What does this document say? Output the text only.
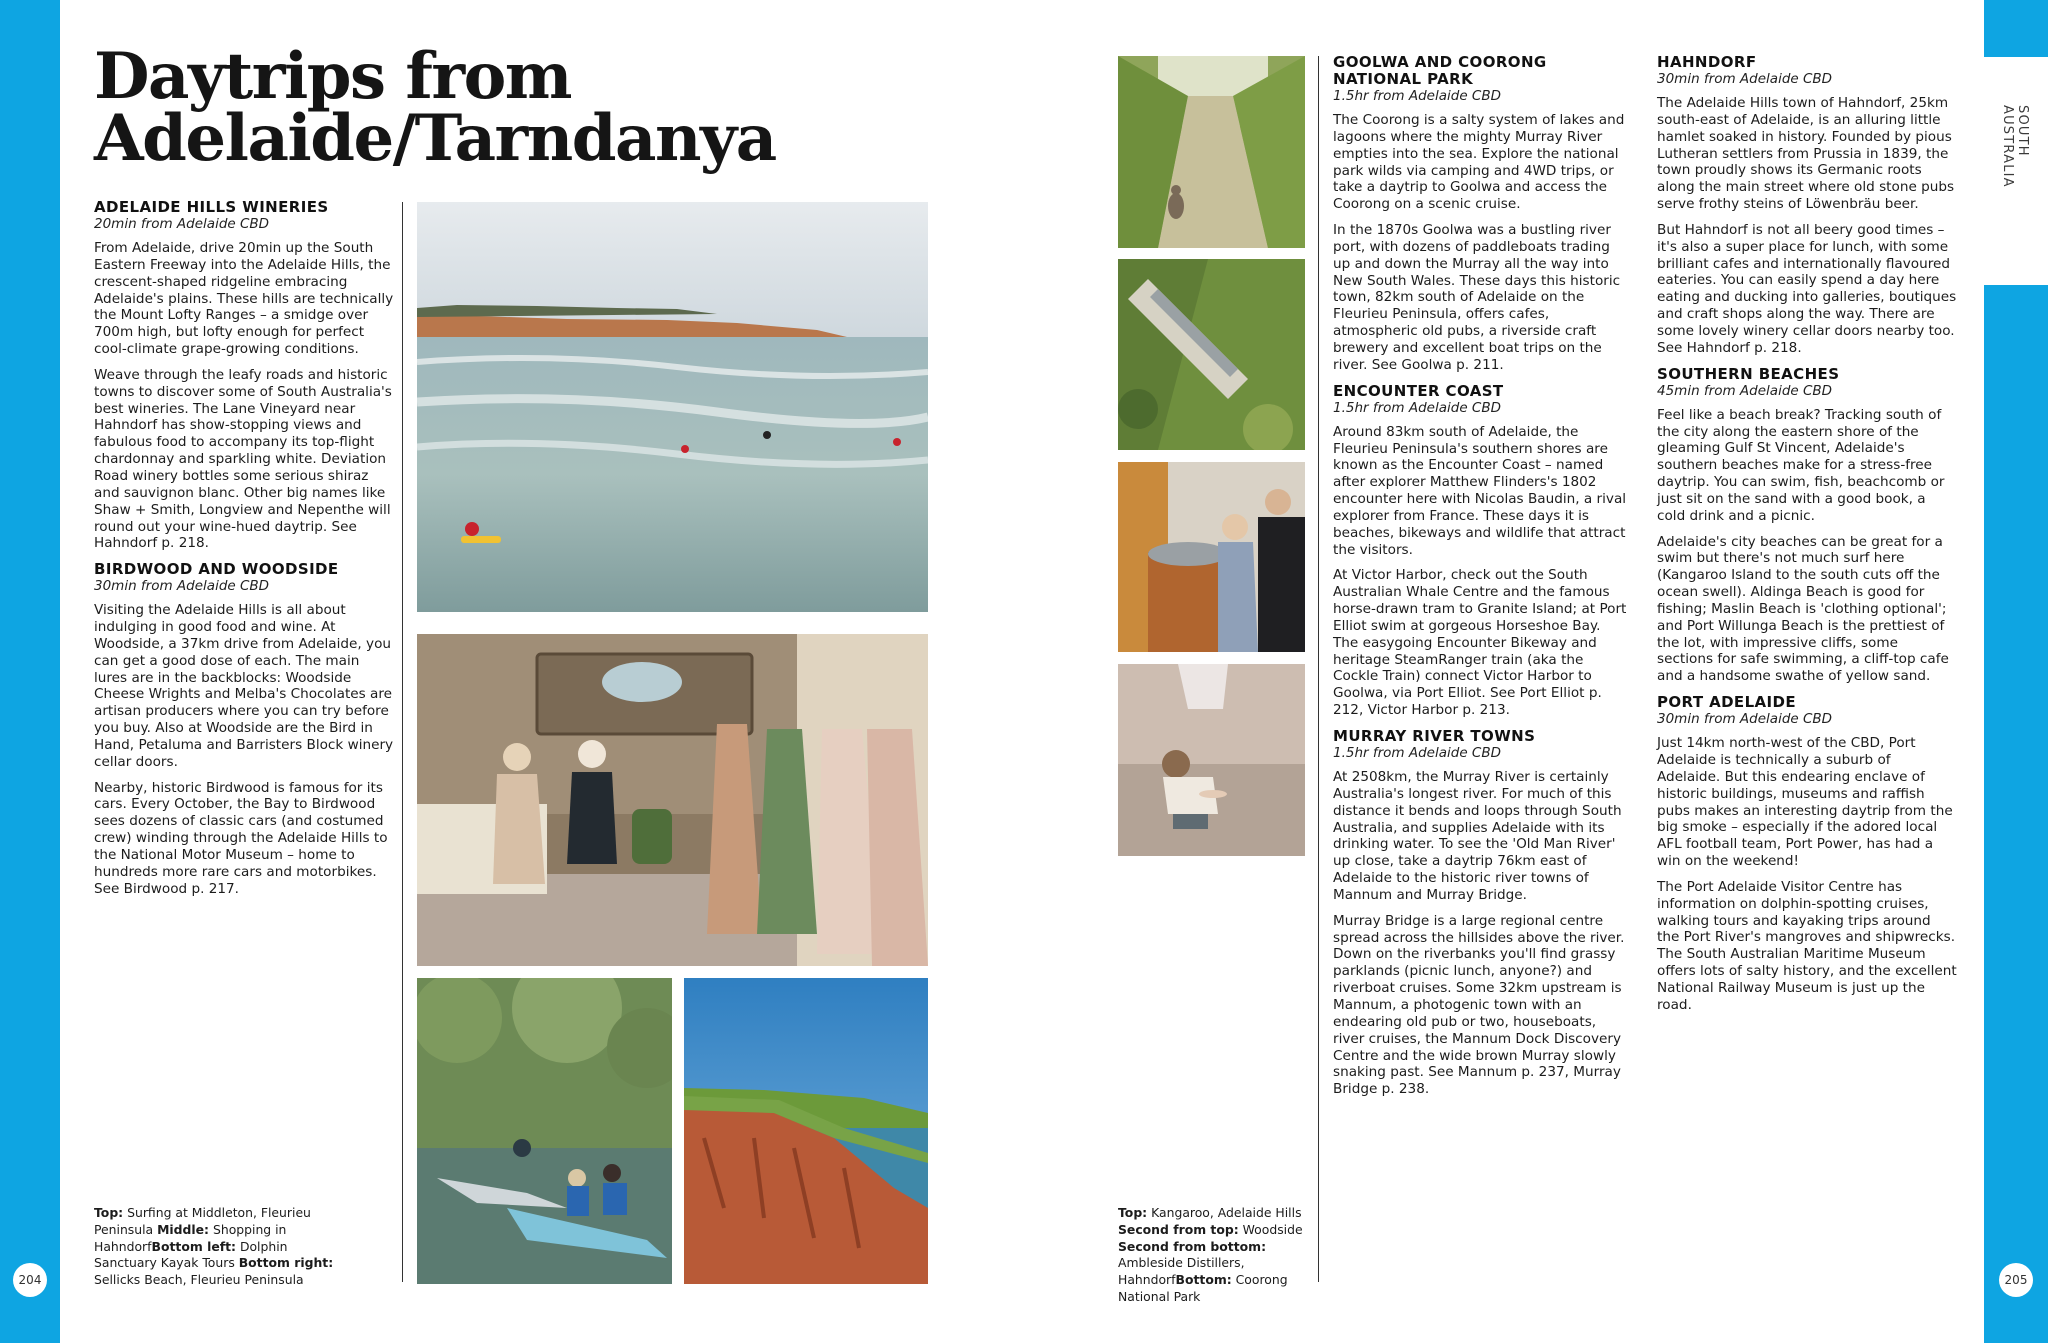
SOUTH AUSTRALIA
204	205
Daytrips from
Adelaide/Tarndanya
ADELAIDE HILLS WINERIES

20min from Adelaide CBD

From Adelaide, drive 20min up the South Eastern Freeway into the Adelaide Hills, the crescent-shaped ridgeline embracing Adelaide's plains. These hills are technically the Mount Lofty Ranges – a smidge over 700m high, but lofty enough for perfect cool-climate grape-growing conditions.

Weave through the leafy roads and historic towns to discover some of South Australia's best wineries. The Lane Vineyard near Hahndorf has show-stopping views and fabulous food to accompany its top-flight chardonnay and sparkling white. Deviation Road winery bottles some serious shiraz and sauvignon blanc. Other big names like Shaw + Smith, Longview and Nepenthe will round out your wine-hued daytrip. See Hahndorf p. 218.

BIRDWOOD AND WOODSIDE

30min from Adelaide CBD

Visiting the Adelaide Hills is all about indulging in good food and wine. At Woodside, a 37km drive from Adelaide, you can get a good dose of each. The main lures are in the backblocks: Woodside Cheese Wrights and Melba's Chocolates are artisan producers where you can try before you buy. Also at Woodside are the Bird in Hand, Petaluma and Barristers Block winery cellar doors.

Nearby, historic Birdwood is famous for its cars. Every October, the Bay to Birdwood sees dozens of classic cars (and costumed crew) winding through the Adelaide Hills to the National Motor Museum – home to hundreds more rare cars and motorbikes. See Birdwood p. 217.

Top: Surfing at Middleton, Fleurieu
Peninsula Middle: Shopping in HahndorfBottom left: Dolphin Sanctuary Kayak Tours Bottom right: Sellicks Beach, Fleurieu Peninsula
Top: Kangaroo, Adelaide Hills
Second from top: Woodside
Second from bottom:
Ambleside Distillers, HahndorfBottom: Coorong National Park
GOOLWA AND COORONG NATIONAL PARK

1.5hr from Adelaide CBD

The Coorong is a salty system of lakes and lagoons where the mighty Murray River empties into the sea. Explore the national park wilds via camping and 4WD trips, or take a daytrip to Goolwa and access the Coorong on a scenic cruise.

In the 1870s Goolwa was a bustling river port, with dozens of paddleboats trading up and down the Murray all the way into New South Wales. These days this historic town, 82km south of Adelaide on the Fleurieu Peninsula, offers cafes, atmospheric old pubs, a riverside craft brewery and excellent boat trips on the river. See Goolwa p. 211.

ENCOUNTER COAST

1.5hr from Adelaide CBD

Around 83km south of Adelaide, the Fleurieu Peninsula's southern shores are known as the Encounter Coast – named after explorer Matthew Flinders's 1802 encounter here with Nicolas Baudin, a rival explorer from France. These days it is beaches, bikeways and wildlife that attract the visitors.

At Victor Harbor, check out the South Australian Whale Centre and the famous horse-drawn tram to Granite Island; at Port Elliot swim at gorgeous Horseshoe Bay. The easygoing Encounter Bikeway and heritage SteamRanger train (aka the Cockle Train) connect Victor Harbor to Goolwa, via Port Elliot. See Port Elliot p. 212, Victor Harbor p. 213.

MURRAY RIVER TOWNS

1.5hr from Adelaide CBD

At 2508km, the Murray River is certainly Australia's longest river. For much of this distance it bends and loops through South Australia, and supplies Adelaide with its drinking water. To see the 'Old Man River' up close, take a daytrip 76km east of Adelaide to the historic river towns of Mannum and Murray Bridge.

Murray Bridge is a large regional centre spread across the hillsides above the river. Down on the riverbanks you'll find grassy parklands (picnic lunch, anyone?) and riverboat cruises. Some 32km upstream is Mannum, a photogenic town with an endearing old pub or two, houseboats, river cruises, the Mannum Dock Discovery Centre and the wide brown Murray slowly snaking past. See Mannum p. 237, Murray Bridge p. 238.

HAHNDORF

30min from Adelaide CBD

The Adelaide Hills town of Hahndorf, 25km south-east of Adelaide, is an alluring little hamlet soaked in history. Founded by pious Lutheran settlers from Prussia in 1839, the town proudly shows its Germanic roots along the main street where old stone pubs serve frothy steins of Löwenbräu beer.

But Hahndorf is not all beery good times – it's also a super place for lunch, with some brilliant cafes and internationally flavoured eateries. You can easily spend a day here eating and ducking into galleries, boutiques and craft shops along the way. There are some lovely winery cellar doors nearby too. See Hahndorf p. 218.

SOUTHERN BEACHES

45min from Adelaide CBD

Feel like a beach break? Tracking south of the city along the eastern shore of the gleaming Gulf St Vincent, Adelaide's southern beaches make for a stress-free daytrip. You can swim, fish, beachcomb or just sit on the sand with a good book, a cold drink and a picnic.

Adelaide's city beaches can be great for a swim but there's not much surf here (Kangaroo Island to the south cuts off the ocean swell). Aldinga Beach is good for fishing; Maslin Beach is 'clothing optional'; and Port Willunga Beach is the prettiest of the lot, with impressive cliffs, some sections for safe swimming, a cliff-top cafe and a handsome swathe of yellow sand.

PORT ADELAIDE

30min from Adelaide CBD

Just 14km north-west of the CBD, Port Adelaide is technically a suburb of Adelaide. But this endearing enclave of historic buildings, museums and raffish pubs makes an interesting daytrip from the big smoke – especially if the adored local AFL football team, Port Power, has had a win on the weekend!

The Port Adelaide Visitor Centre has information on dolphin-spotting cruises, walking tours and kayaking trips around the Port River's mangroves and shipwrecks. The South Australian Maritime Museum offers lots of salty history, and the excellent National Railway Museum is just up the road.
